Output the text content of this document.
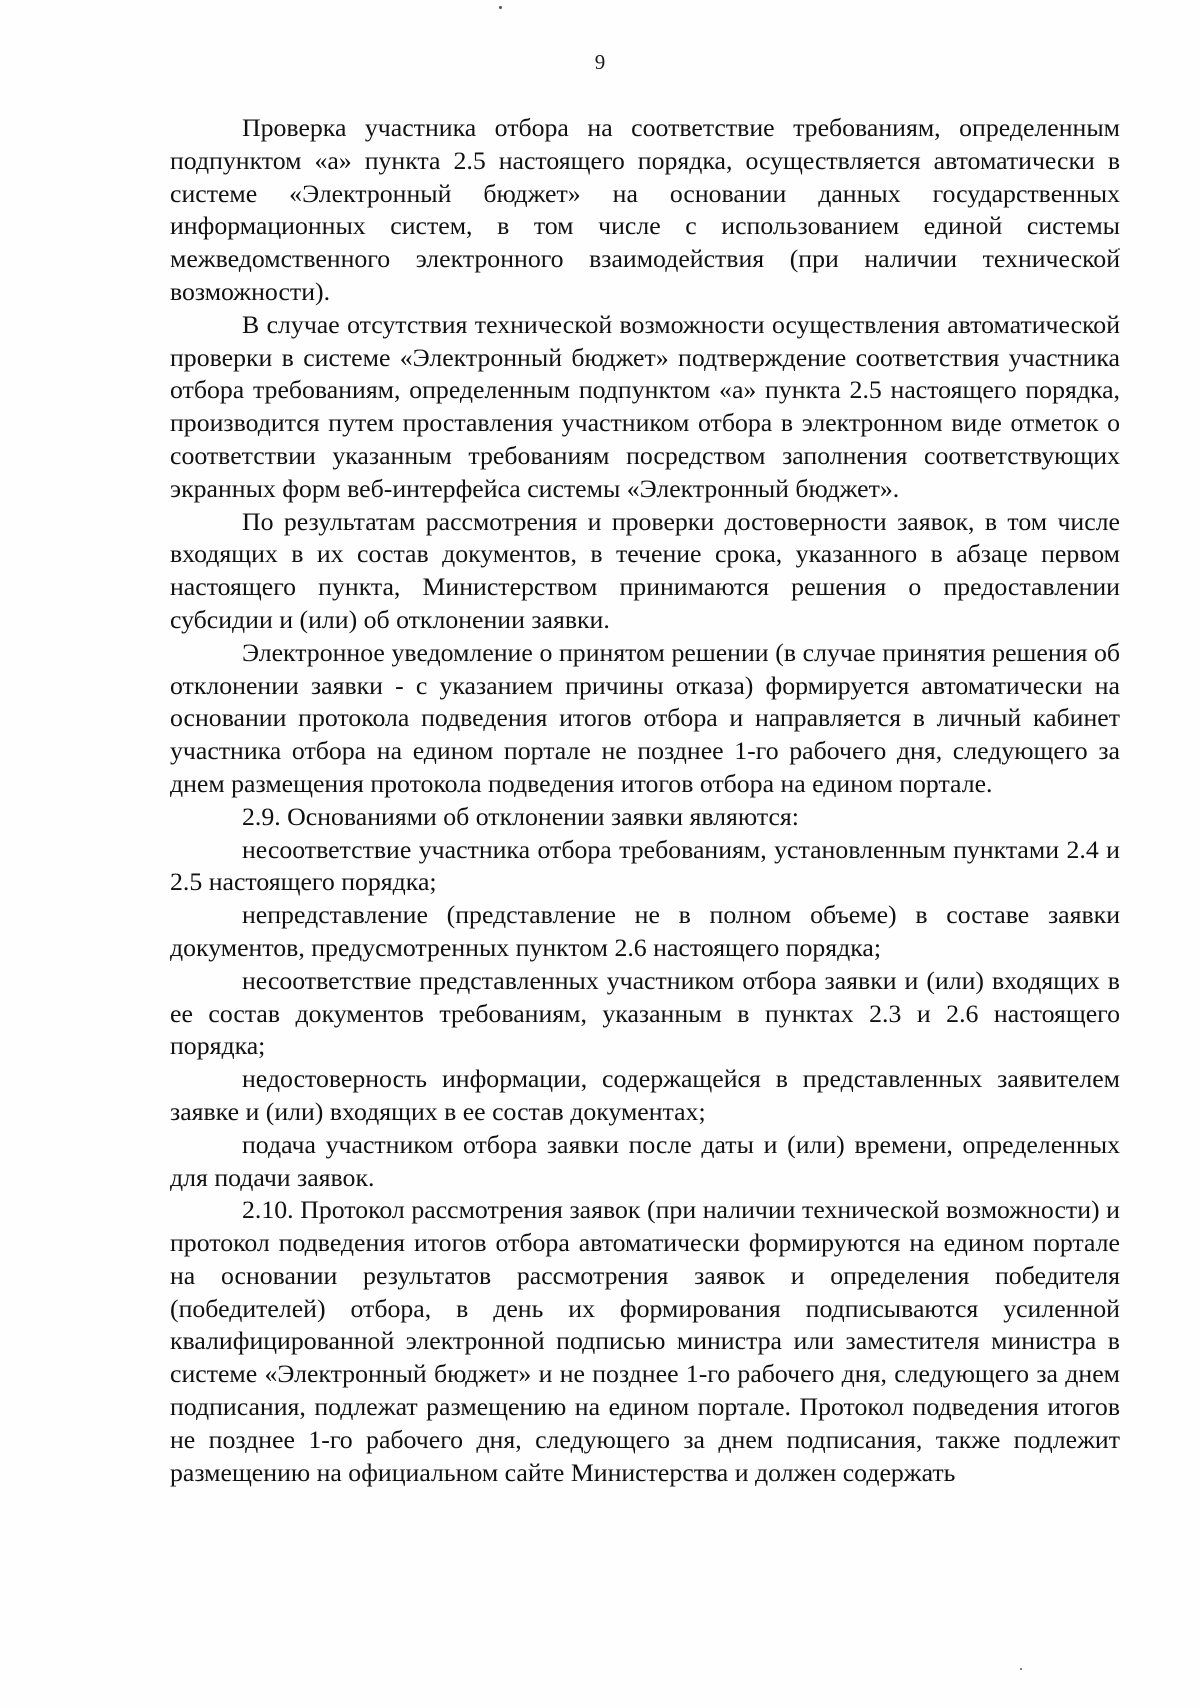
9

Проверка участника отбора на соответствие требованиям, определенным подпунктом «а» пункта 2.5 настоящего порядка, осуществляется автоматически в системе «Электронный бюджет» на основании данных государственных информационных систем, в том числе с использованием единой системы межведомственного электронного взаимодействия (при наличии технической возможности).

В случае отсутствия технической возможности осуществления автоматической проверки в системе «Электронный бюджет» подтверждение соответствия участника отбора требованиям, определенным подпунктом «а» пункта 2.5 настоящего порядка, производится путем проставления участником отбора в электронном виде отметок о соответствии указанным требованиям посредством заполнения соответствующих экранных форм веб-интерфейса системы «Электронный бюджет».

По результатам рассмотрения и проверки достоверности заявок, в том числе входящих в их состав документов, в течение срока, указанного в абзаце первом настоящего пункта, Министерством принимаются решения о предоставлении субсидии и (или) об отклонении заявки.

Электронное уведомление о принятом решении (в случае принятия решения об отклонении заявки - с указанием причины отказа) формируется автоматически на основании протокола подведения итогов отбора и направляется в личный кабинет участника отбора на едином портале не позднее 1-го рабочего дня, следующего за днем размещения протокола подведения итогов отбора на едином портале.

2.9. Основаниями об отклонении заявки являются:

несоответствие участника отбора требованиям, установленным пунктами 2.4 и 2.5 настоящего порядка;

непредставление (представление не в полном объеме) в составе заявки документов, предусмотренных пунктом 2.6 настоящего порядка;

несоответствие представленных участником отбора заявки и (или) входящих в ее состав документов требованиям, указанным в пунктах 2.3 и 2.6 настоящего порядка;

недостоверность информации, содержащейся в представленных заявителем заявке и (или) входящих в ее состав документах;

подача участником отбора заявки после даты и (или) времени, определенных для подачи заявок.

2.10. Протокол рассмотрения заявок (при наличии технической возможности) и протокол подведения итогов отбора автоматически формируются на едином портале на основании результатов рассмотрения заявок и определения победителя (победителей) отбора, в день их формирования подписываются усиленной квалифицированной электронной подписью министра или заместителя министра в системе «Электронный бюджет» и не позднее 1-го рабочего дня, следующего за днем подписания, подлежат размещению на едином портале. Протокол подведения итогов не позднее 1-го рабочего дня, следующего за днем подписания, также подлежит размещению на официальном сайте Министерства и должен содержать
